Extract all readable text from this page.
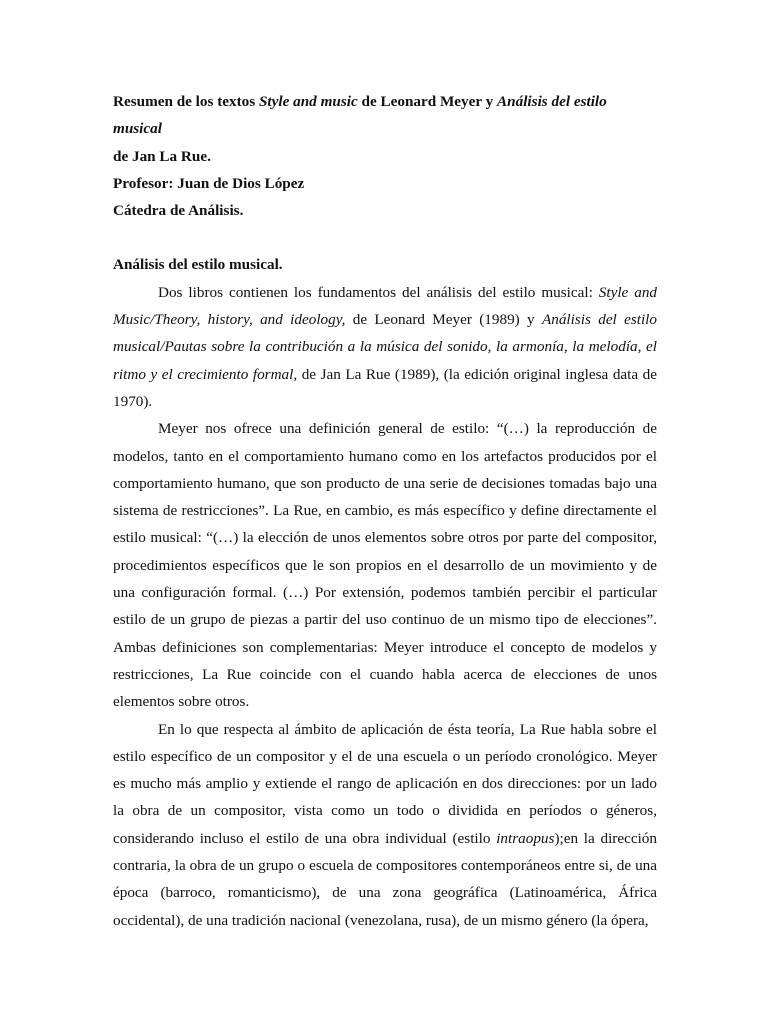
Resumen de los textos Style and music de Leonard Meyer y Análisis del estilo musical

de Jan La Rue.

Profesor: Juan de Dios López

Cátedra de Análisis.

Análisis del estilo musical.

Dos libros contienen los fundamentos del análisis del estilo musical: Style and Music/Theory, history, and ideology, de Leonard Meyer (1989) y Análisis del estilo musical/Pautas sobre la contribución a la música del sonido, la armonía, la melodía, el ritmo y el crecimiento formal, de Jan La Rue (1989), (la edición original inglesa data de 1970).

Meyer nos ofrece una definición general de estilo: “(…) la reproducción de modelos, tanto en el comportamiento humano como en los artefactos producidos por el comportamiento humano, que son producto de una serie de decisiones tomadas bajo una sistema de restricciones”. La Rue, en cambio, es más específico y define directamente el estilo musical: “(…) la elección de unos elementos sobre otros por parte del compositor, procedimientos específicos que le son propios en el desarrollo de un movimiento y de una configuración formal. (…) Por extensión, podemos también percibir el particular estilo de un grupo de piezas a partir del uso continuo de un mismo tipo de elecciones”. Ambas definiciones son complementarias: Meyer introduce el concepto de modelos y restricciones, La Rue coincide con el cuando habla acerca de elecciones de unos elementos sobre otros.

En lo que respecta al ámbito de aplicación de ésta teoría, La Rue habla sobre el estilo específico de un compositor y el de una escuela o un período cronológico. Meyer es mucho más amplio y extiende el rango de aplicación en dos direcciones: por un lado la obra de un compositor, vista como un todo o dividida en períodos o géneros, considerando incluso el estilo de una obra individual (estilo intraopus);en la dirección contraria, la obra de un grupo o escuela de compositores contemporáneos entre si, de una época (barroco, romanticismo), de una zona geográfica (Latinoamérica, África occidental), de una tradición nacional (venezolana, rusa), de un mismo género (la ópera,
